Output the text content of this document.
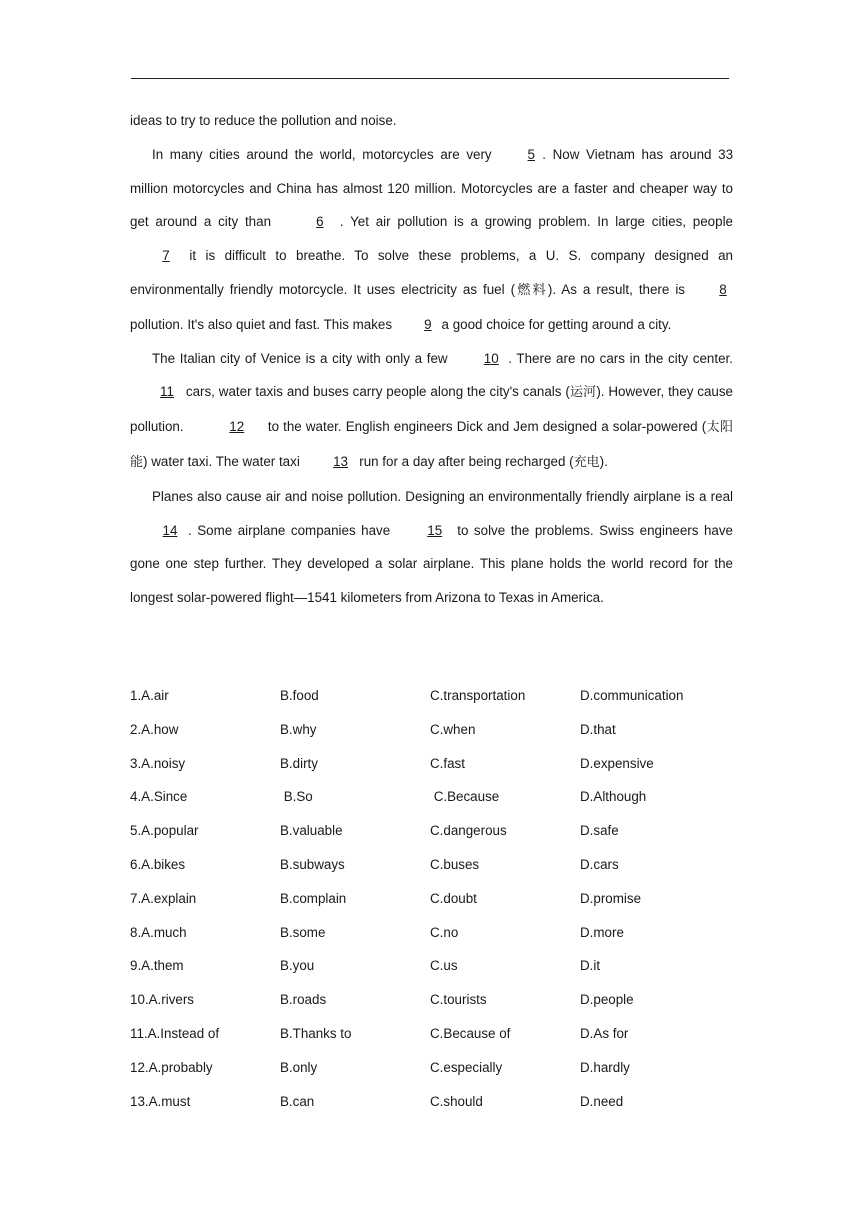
ideas to try to reduce the pollution and noise.

In many cities around the world, motorcycles are very 5 . Now Vietnam has around 33 million motorcycles and China has almost 120 million. Motorcycles are a faster and cheaper way to get around a city than	6 . Yet air pollution is a growing problem. In large cities, people 7 it is difficult to breathe. To solve these problems, a U. S. company designed an environmentally friendly motorcycle. It uses electricity as fuel (燃料). As a result, there is 8 pollution. It's also quiet and fast. This makes 9 a good choice for getting around a city.

The Italian city of Venice is a city with only a few 10 . There are no cars in the city center. 11 cars, water taxis and buses carry people along the city's canals (运河). However, they cause pollution.	12 to the water. English engineers Dick and Jem designed a solar-powered (太阳能) water taxi. The water taxi 13 run for a day after being recharged (充电).

Planes also cause air and noise pollution. Designing an environmentally friendly airplane is a real 14 . Some airplane companies have 15 to solve the problems. Swiss engineers have gone one step further. They developed a solar airplane. This plane holds the world record for the longest solar-powered flight—1541 kilometers from Arizona to Texas in America.

1.A.air	B.food	C.transportation	D.communication
2.A.how	B.why	C.when	D.that
3.A.noisy	B.dirty	C.fast	D.expensive
4.A.Since	B.So	C.Because	D.Although
5.A.popular	B.valuable	C.dangerous	D.safe
6.A.bikes	B.subways	C.buses	D.cars
7.A.explain	B.complain	C.doubt	D.promise
8.A.much	B.some	C.no	D.more
9.A.them	B.you	C.us	D.it
10.A.rivers	B.roads	C.tourists	D.people
11.A.Instead of	B.Thanks to	C.Because of	D.As for
12.A.probably	B.only	C.especially	D.hardly
13.A.must	B.can	C.should	D.need
